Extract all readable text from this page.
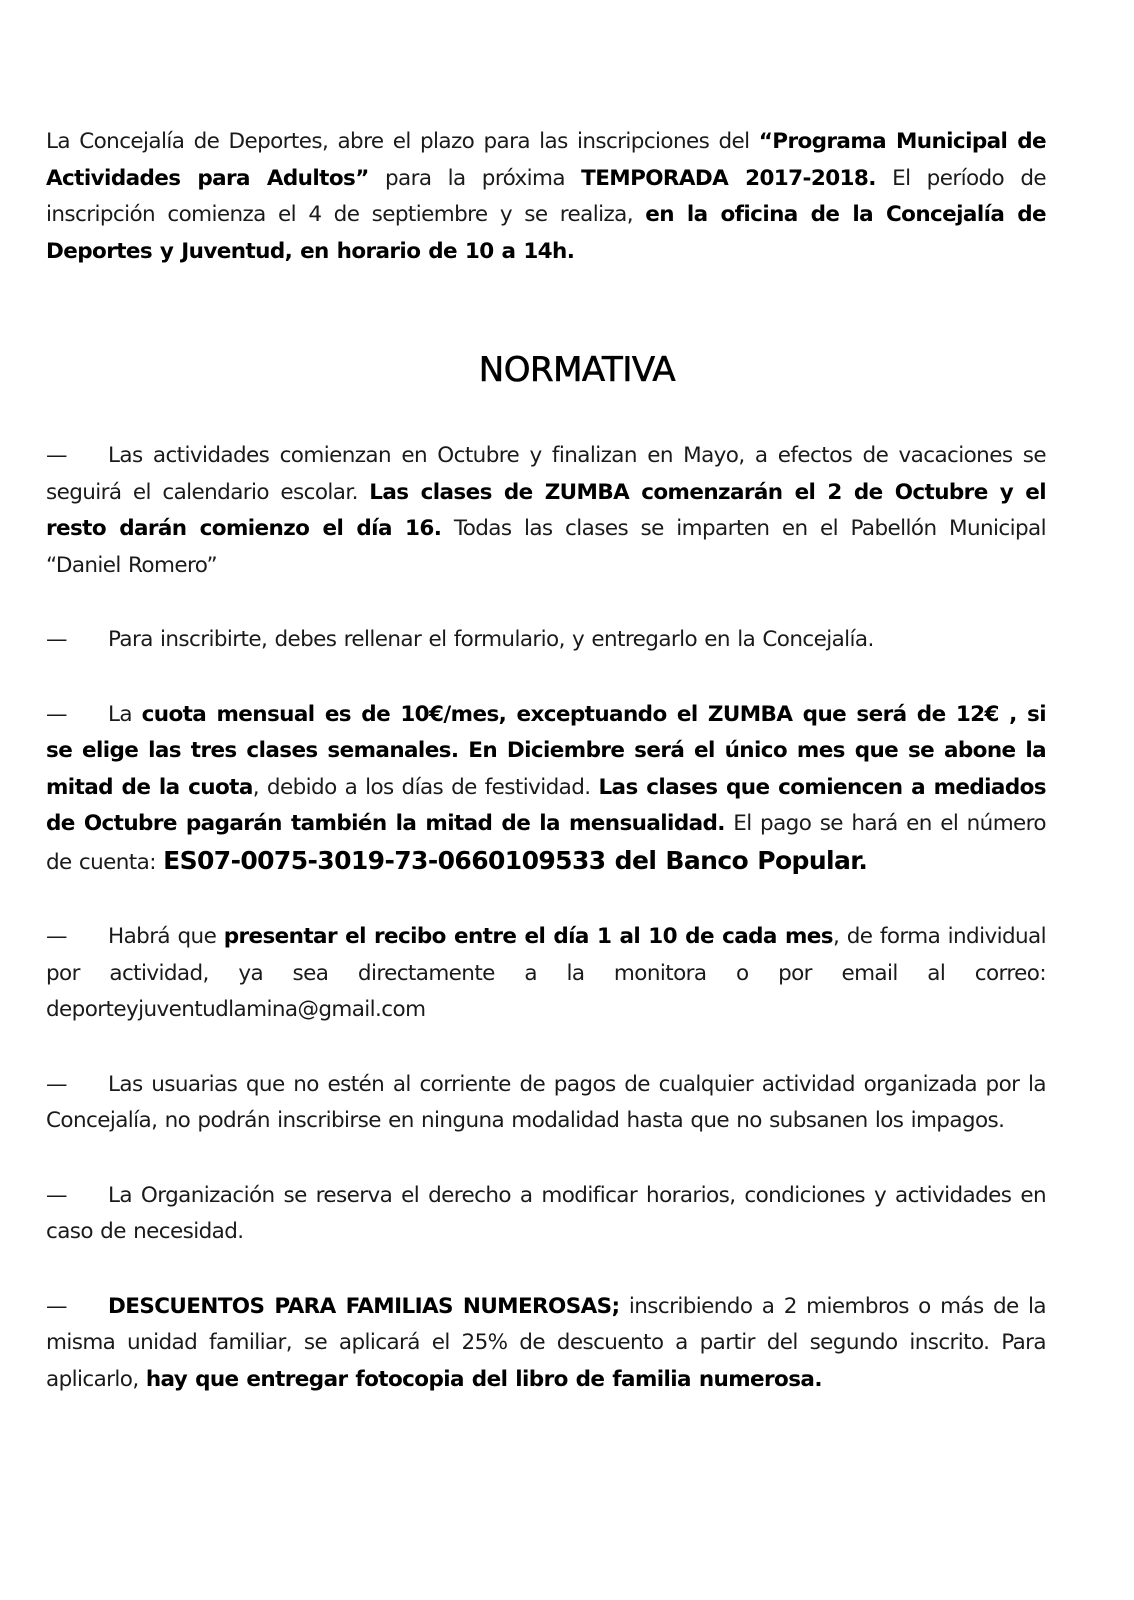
La Concejalía de Deportes, abre el plazo para las inscripciones del “Programa Municipal de Actividades para Adultos” para la próxima TEMPORADA 2017-2018. El período de inscripción comienza el 4 de septiembre y se realiza, en la oficina de la Concejalía de Deportes y Juventud, en horario de 10 a 14h.

NORMATIVA

— Las actividades comienzan en Octubre y finalizan en Mayo, a efectos de vacaciones se seguirá el calendario escolar. Las clases de ZUMBA comenzarán el 2 de Octubre y el resto darán comienzo el día 16. Todas las clases se imparten en el Pabellón Municipal “Daniel Romero”

— Para inscribirte, debes rellenar el formulario, y entregarlo en la Concejalía.

— La cuota mensual es de 10€/mes, exceptuando el ZUMBA que será de 12€ , si se elige las tres clases semanales. En Diciembre será el único mes que se abone la mitad de la cuota, debido a los días de festividad. Las clases que comiencen a mediados de Octubre pagarán también la mitad de la mensualidad. El pago se hará en el número de cuenta: ES07-0075-3019-73-0660109533 del Banco Popular.

— Habrá que presentar el recibo entre el día 1 al 10 de cada mes, de forma individual por actividad, ya sea directamente a la monitora o por email al correo: deporteyjuventudlamina@gmail.com

— Las usuarias que no estén al corriente de pagos de cualquier actividad organizada por la Concejalía, no podrán inscribirse en ninguna modalidad hasta que no subsanen los impagos.

— La Organización se reserva el derecho a modificar horarios, condiciones y actividades en caso de necesidad.

— DESCUENTOS PARA FAMILIAS NUMEROSAS; inscribiendo a 2 miembros o más de la misma unidad familiar, se aplicará el 25% de descuento a partir del segundo inscrito. Para aplicarlo, hay que entregar fotocopia del libro de familia numerosa.
